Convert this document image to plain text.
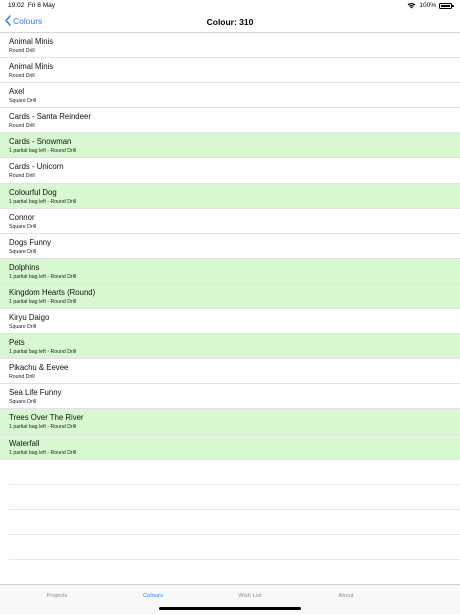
19:02 Fri 8 May	100%
Colours	Colour: 310
Animal Minis
Round Drill
Animal Minis
Round Drill
Axel
Square Drill
Cards - Santa Reindeer
Round Drill
Cards - Snowman
1 partial bag left - Round Drill
Cards - Unicorn
Round Drill
Colourful Dog
1 partial bag left - Round Drill
Connor
Square Drill
Dogs Funny
Square Drill
Dolphins
1 partial bag left - Round Drill
Kingdom Hearts (Round)
1 partial bag left - Round Drill
Kiryu Daigo
Square Drill
Pets
1 partial bag left - Round Drill
Pikachu & Eevee
Round Drill
Sea Life Funny
Square Drill
Trees Over The River
1 partial bag left - Round Drill
Waterfall
1 partial bag left - Round Drill
Projects	Colours	Wish List	About
